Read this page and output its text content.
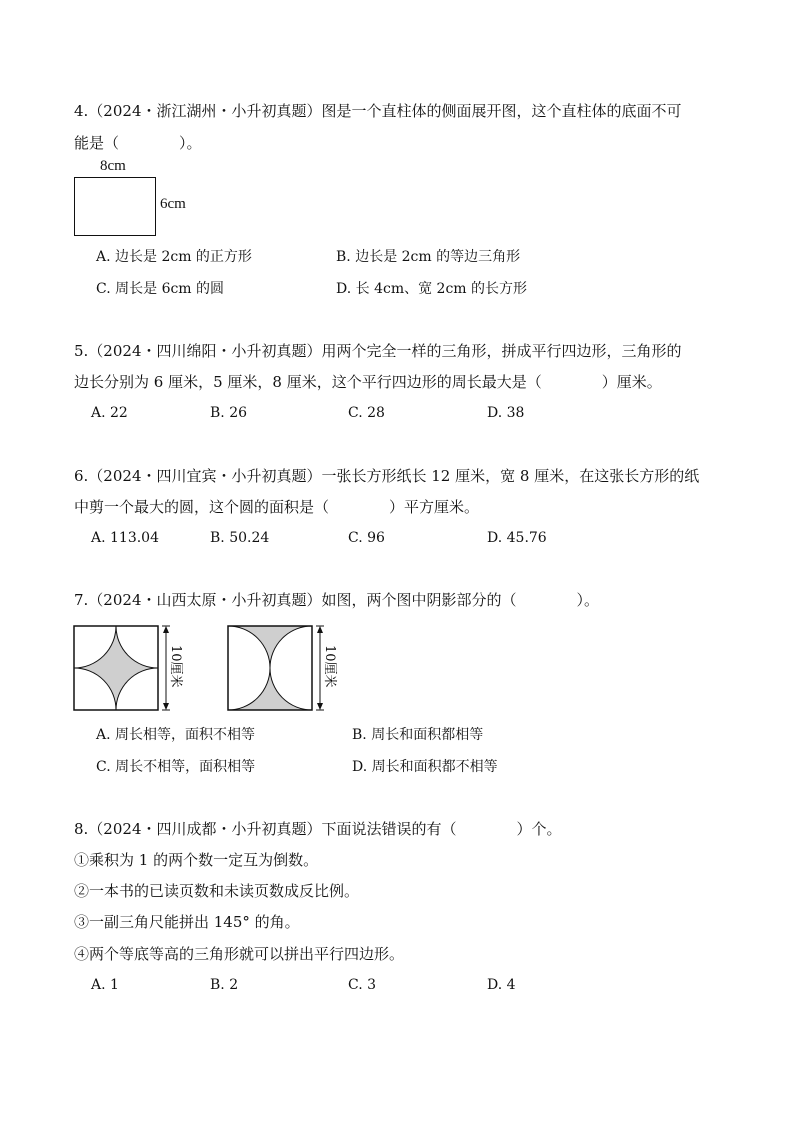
4.（2024・浙江湖州・小升初真题）图是一个直柱体的侧面展开图，这个直柱体的底面不可
能是（　　　　）。
8cm
6cm
A. 边长是 2cm 的正方形	B. 边长是 2cm 的等边三角形
C. 周长是 6cm 的圆	D. 长 4cm、宽 2cm 的长方形
5.（2024・四川绵阳・小升初真题）用两个完全一样的三角形，拼成平行四边形，三角形的
边长分别为 6 厘米，5 厘米，8 厘米，这个平行四边形的周长最大是（　　　　）厘米。
A. 22	B. 26	C. 28	D. 38
6.（2024・四川宜宾・小升初真题）一张长方形纸长 12 厘米，宽 8 厘米，在这张长方形的纸
中剪一个最大的圆，这个圆的面积是（　　　　）平方厘米。
A. 113.04	B. 50.24	C. 96	D. 45.76
7.（2024・山西太原・小升初真题）如图，两个图中阴影部分的（　　　　）。
10厘米	10厘米
A. 周长相等，面积不相等	B. 周长和面积都相等
C. 周长不相等，面积相等	D. 周长和面积都不相等
8.（2024・四川成都・小升初真题）下面说法错误的有（　　　　）个。
①乘积为 1 的两个数一定互为倒数。
②一本书的已读页数和未读页数成反比例。
③一副三角尺能拼出 145° 的角。
④两个等底等高的三角形就可以拼出平行四边形。
A. 1	B. 2	C. 3	D. 4
